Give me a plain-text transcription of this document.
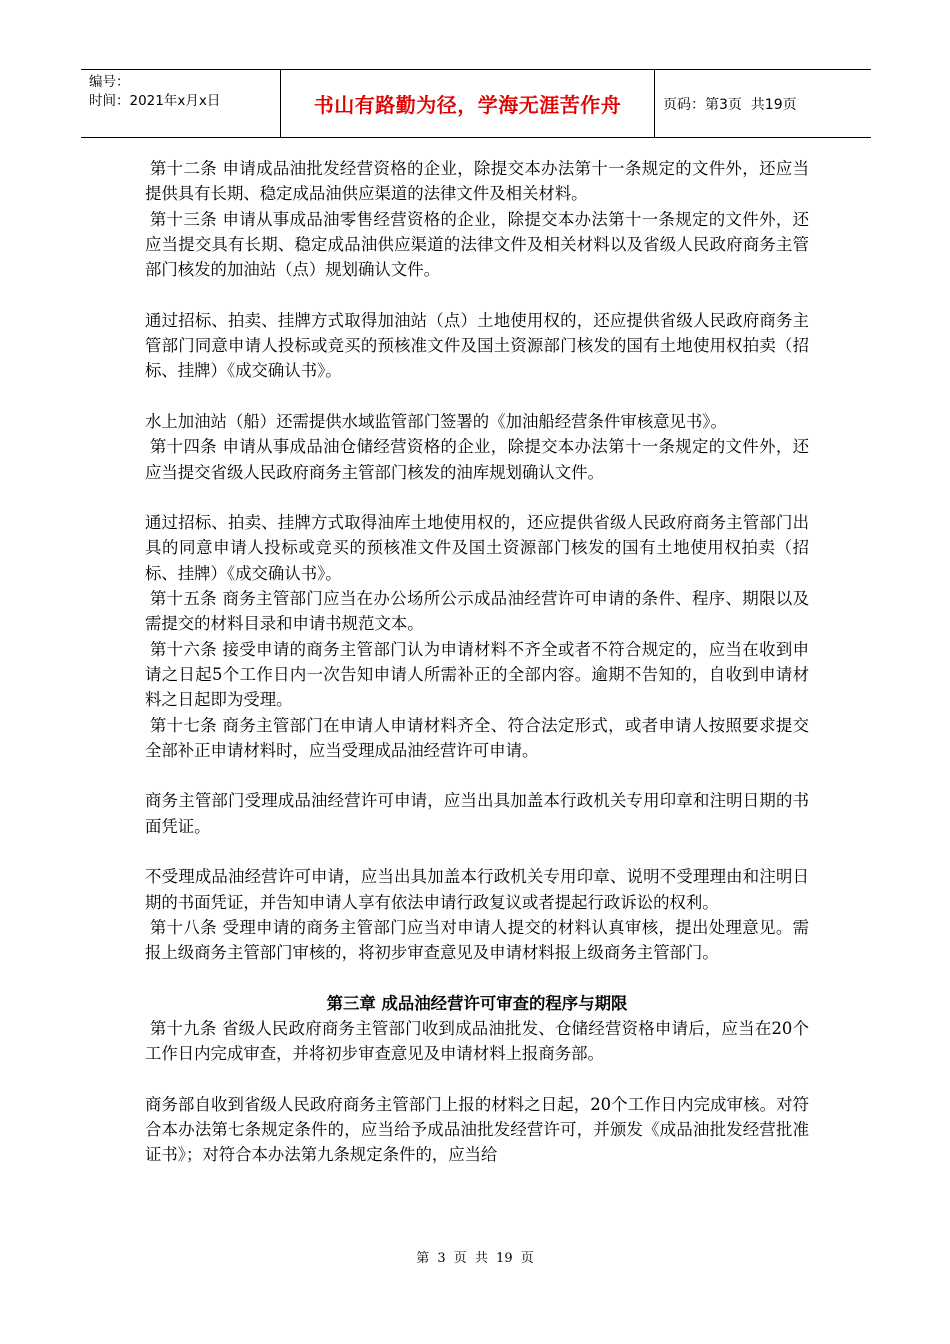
编号：
时间：2021年x月x日	书山有路勤为径，学海无涯苦作舟	页码：第3页  共19页

第十二条 申请成品油批发经营资格的企业，除提交本办法第十一条规定的文件外，还应当提供具有长期、稳定成品油供应渠道的法律文件及相关材料。

第十三条 申请从事成品油零售经营资格的企业，除提交本办法第十一条规定的文件外，还应当提交具有长期、稳定成品油供应渠道的法律文件及相关材料以及省级人民政府商务主管部门核发的加油站（点）规划确认文件。

通过招标、拍卖、挂牌方式取得加油站（点）土地使用权的，还应提供省级人民政府商务主管部门同意申请人投标或竞买的预核准文件及国土资源部门核发的国有土地使用权拍卖（招标、挂牌）《成交确认书》。

水上加油站（船）还需提供水域监管部门签署的《加油船经营条件审核意见书》。

第十四条 申请从事成品油仓储经营资格的企业，除提交本办法第十一条规定的文件外，还应当提交省级人民政府商务主管部门核发的油库规划确认文件。

通过招标、拍卖、挂牌方式取得油库土地使用权的，还应提供省级人民政府商务主管部门出具的同意申请人投标或竞买的预核准文件及国土资源部门核发的国有土地使用权拍卖（招标、挂牌）《成交确认书》。

第十五条 商务主管部门应当在办公场所公示成品油经营许可申请的条件、程序、期限以及需提交的材料目录和申请书规范文本。

第十六条 接受申请的商务主管部门认为申请材料不齐全或者不符合规定的，应当在收到申请之日起5个工作日内一次告知申请人所需补正的全部内容。逾期不告知的，自收到申请材料之日起即为受理。

第十七条 商务主管部门在申请人申请材料齐全、符合法定形式，或者申请人按照要求提交全部补正申请材料时，应当受理成品油经营许可申请。

商务主管部门受理成品油经营许可申请，应当出具加盖本行政机关专用印章和注明日期的书面凭证。

不受理成品油经营许可申请，应当出具加盖本行政机关专用印章、说明不受理理由和注明日期的书面凭证，并告知申请人享有依法申请行政复议或者提起行政诉讼的权利。

第十八条 受理申请的商务主管部门应当对申请人提交的材料认真审核，提出处理意见。需报上级商务主管部门审核的，将初步审查意见及申请材料报上级商务主管部门。

第三章 成品油经营许可审查的程序与期限

第十九条 省级人民政府商务主管部门收到成品油批发、仓储经营资格申请后，应当在20个工作日内完成审查，并将初步审查意见及申请材料上报商务部。

商务部自收到省级人民政府商务主管部门上报的材料之日起，20个工作日内完成审核。对符合本办法第七条规定条件的，应当给予成品油批发经营许可，并颁发《成品油批发经营批准证书》；对符合本办法第九条规定条件的，应当给

第 3 页 共 19 页
